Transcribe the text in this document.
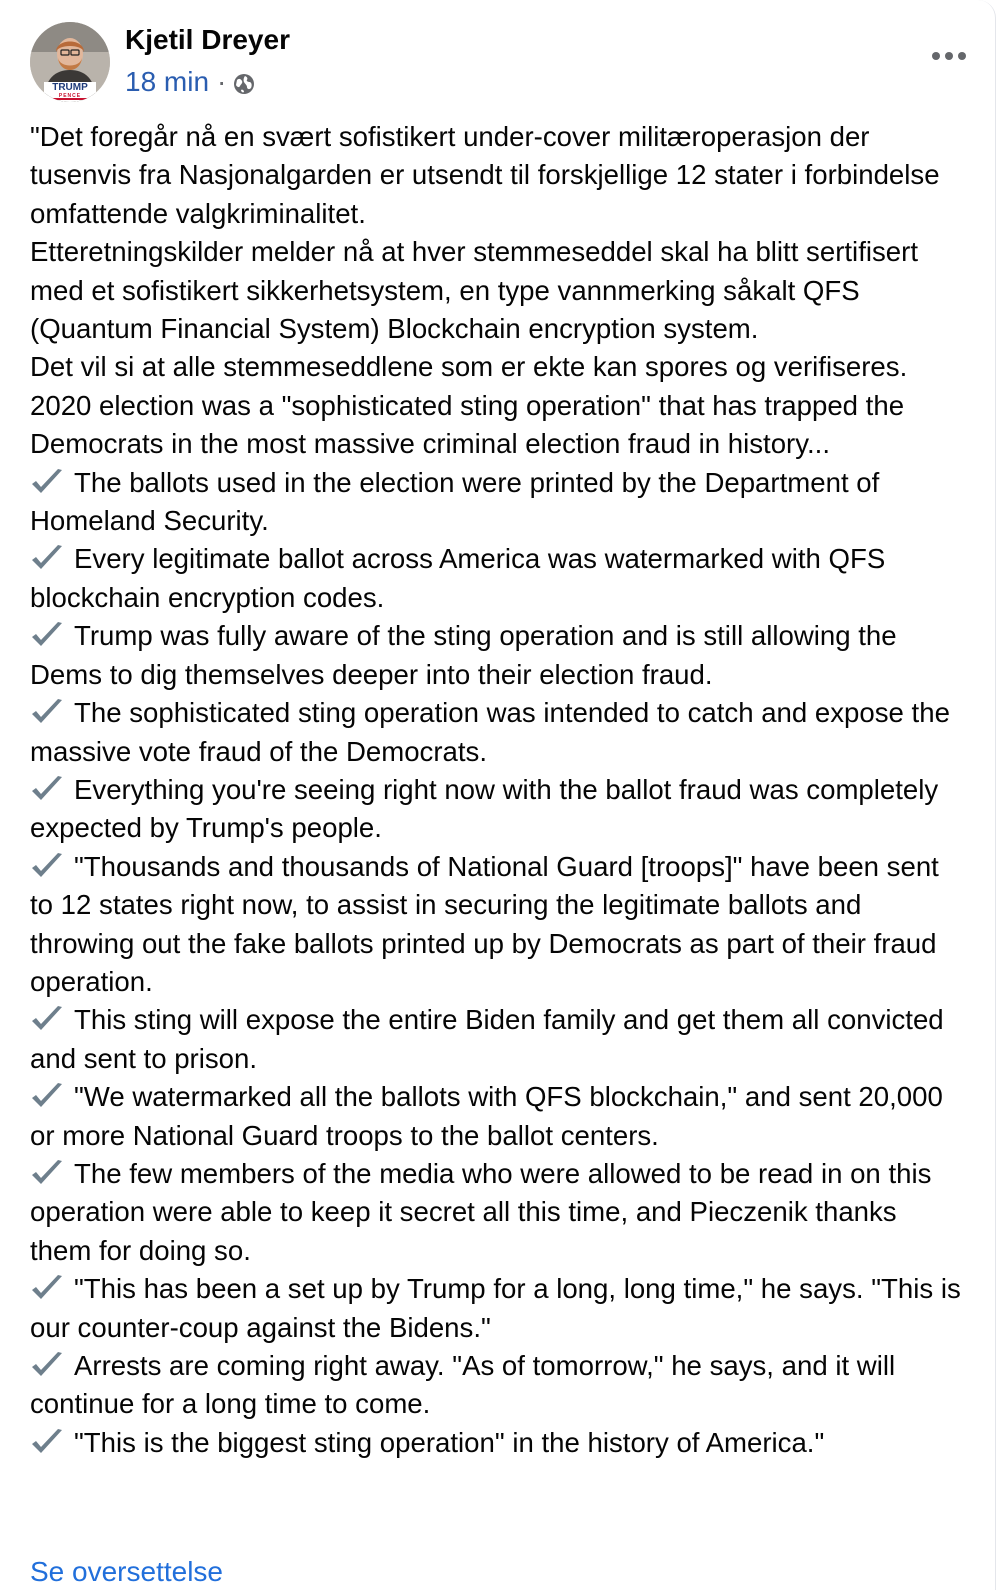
TRUMP
PENCE
Kjetil Dreyer
18 min ·

"Det foregår nå en svært sofistikert under-cover militæroperasjon der tusenvis fra Nasjonalgarden er utsendt til forskjellige 12 stater i forbindelse omfattende valgkriminalitet.

Etteretningskilder melder nå at hver stemmeseddel skal ha blitt sertifisert med et sofistikert sikkerhetsystem, en type vannmerking såkalt QFS (Quantum Financial System) Blockchain encryption system.

Det vil si at alle stemmeseddlene som er ekte kan spores og verifiseres.

2020 election was a "sophisticated sting operation" that has trapped the Democrats in the most massive criminal election fraud in history...

The ballots used in the election were printed by the Department of Homeland Security.

Every legitimate ballot across America was watermarked with QFS blockchain encryption codes.

Trump was fully aware of the sting operation and is still allowing the Dems to dig themselves deeper into their election fraud.

The sophisticated sting operation was intended to catch and expose the massive vote fraud of the Democrats.

Everything you're seeing right now with the ballot fraud was completely expected by Trump's people.

"Thousands and thousands of National Guard [troops]" have been sent to 12 states right now, to assist in securing the legitimate ballots and throwing out the fake ballots printed up by Democrats as part of their fraud operation.

This sting will expose the entire Biden family and get them all convicted and sent to prison.

"We watermarked all the ballots with QFS blockchain," and sent 20,000 or more National Guard troops to the ballot centers.

The few members of the media who were allowed to be read in on this operation were able to keep it secret all this time, and Pieczenik thanks them for doing so.

"This has been a set up by Trump for a long, long time," he says. "This is our counter-coup against the Bidens."

Arrests are coming right away. "As of tomorrow," he says, and it will continue for a long time to come.

"This is the biggest sting operation" in the history of America."

Se oversettelse
